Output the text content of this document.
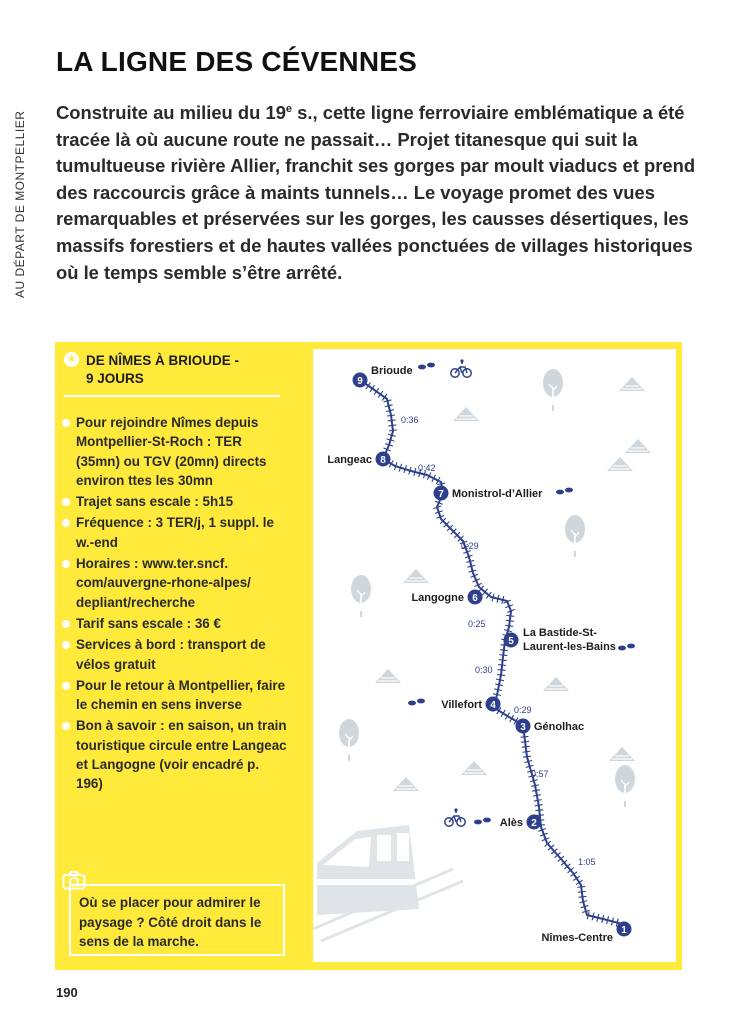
AU DÉPART DE MONTPELLIER
LA LIGNE DES CÉVENNES

Construite au milieu du 19e s., cette ligne ferroviaire emblématique a été tracée là où aucune route ne passait… Projet titanesque qui suit la tumultueuse rivière Allier, franchit ses gorges par moult viaducs et prend des raccourcis grâce à maints tunnels… Le voyage promet des vues remarquables et préservées sur les gorges, les causses désertiques, les massifs forestiers et de hautes vallées ponctuées de villages historiques où le temps semble s’être arrêté.

★ DE NÎMES À BRIOUDE -
9 JOURS
Pour rejoindre Nîmes depuis Montpellier-St-Roch : TER (35mn) ou TGV (20mn) directs environ ttes les 30mn
Trajet sans escale : 5h15
Fréquence : 3 TER/j, 1 suppl. le w.-end
Horaires : www.ter.sncf. com/auvergne-rhone-alpes/ depliant/recherche
Tarif sans escale : 36 €
Services à bord : transport de vélos gratuit
Pour le retour à Montpellier, faire le chemin en sens inverse
Bon à savoir : en saison, un train touristique circule entre Langeac et Langogne (voir encadré p. 196)
Où se placer pour admirer le paysage ? Côté droit dans le sens de la marche.
9
8
7
6
5
4
3
2
1
Brioude
Langeac
Monistrol-d’Allier
Langogne
La Bastide-St-
Laurent-les-Bains
Villefort
Génolhac
Alès
Nîmes-Centre
0:36
0:42
0:29
0:25
0:30
0:29
0:57
1:05
190
